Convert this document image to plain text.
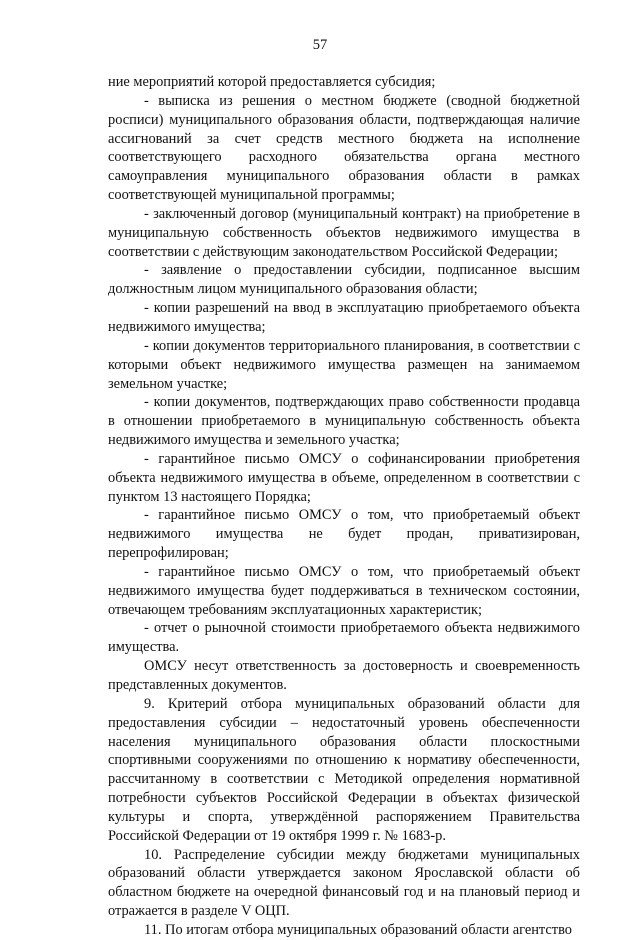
57

ние мероприятий которой предоставляется субсидия;

- выписка из решения о местном бюджете (сводной бюджетной росписи) муниципального образования области, подтверждающая наличие ассигнований за счет средств местного бюджета на исполнение соответствующего расходного обязательства органа местного самоуправления муниципального образования области в рамках соответствующей муниципальной программы;

- заключенный договор (муниципальный контракт) на приобретение в муниципальную собственность объектов недвижимого имущества в соответствии с действующим законодательством Российской Федерации;

- заявление о предоставлении субсидии, подписанное высшим должностным лицом муниципального образования области;

- копии разрешений на ввод в эксплуатацию приобретаемого объекта недвижимого имущества;

- копии документов территориального планирования, в соответствии с которыми объект недвижимого имущества размещен на занимаемом земельном участке;

- копии документов, подтверждающих право собственности продавца в отношении приобретаемого в муниципальную собственность объекта недвижимого имущества и земельного участка;

- гарантийное письмо ОМСУ о софинансировании приобретения объекта недвижимого имущества в объеме, определенном в соответствии с пунктом 13 настоящего Порядка;

- гарантийное письмо ОМСУ о том, что приобретаемый объект недвижимого имущества не будет продан, приватизирован, перепрофилирован;

- гарантийное письмо ОМСУ о том, что приобретаемый объект недвижимого имущества будет поддерживаться в техническом состоянии, отвечающем требованиям эксплуатационных характеристик;

- отчет о рыночной стоимости приобретаемого объекта недвижимого имущества.

ОМСУ несут ответственность за достоверность и своевременность представленных документов.

9. Критерий отбора муниципальных образований области для предоставления субсидии – недостаточный уровень обеспеченности населения муниципального образования области плоскостными спортивными сооружениями по отношению к нормативу обеспеченности, рассчитанному в соответствии с Методикой определения нормативной потребности субъектов Российской Федерации в объектах физической культуры и спорта, утверждённой распоряжением Правительства Российской Федерации от 19 октября 1999 г. № 1683-р.

10. Распределение субсидии между бюджетами муниципальных образований области утверждается законом Ярославской области об областном бюджете на очередной финансовый год и на плановый период и отражается в разделе V ОЦП.

11. По итогам отбора муниципальных образований области агентство
